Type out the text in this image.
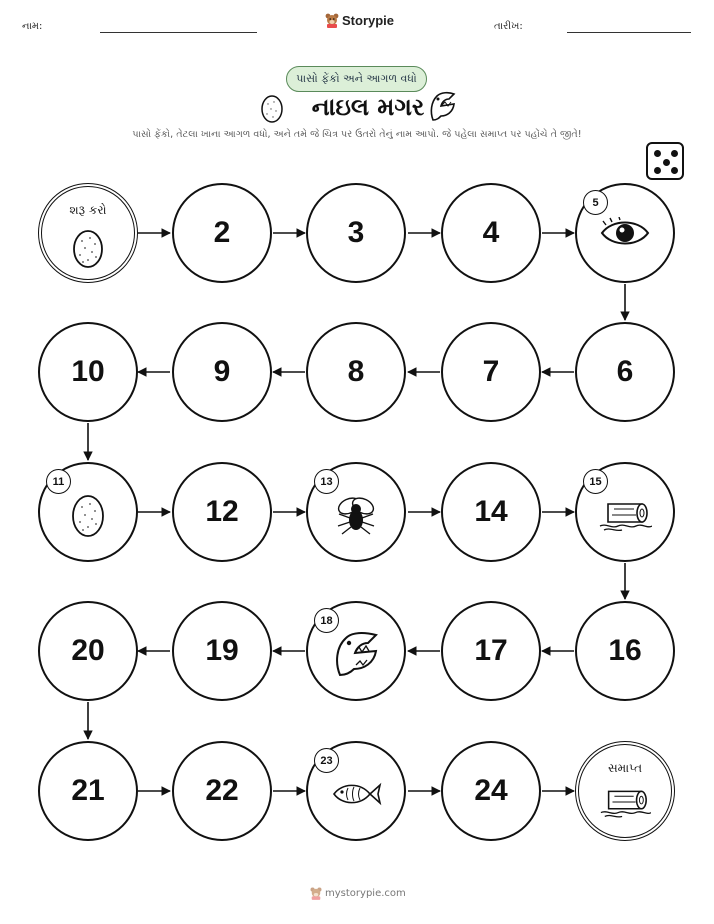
નામ:	Storypie	તારીખ:
પાસો ફેંકો અને આગળ વધો
નાઇલ મગર
પાસો ફેંકો, તેટલા ખાના આગળ વધો, અને તમે જે ચિત્ર પર ઉતરો તેનું નામ આપો. જે પહેલા સમાપ્ત પર પહોંચે તે જીતે!
શરૂ કરો
2	3	4
5
10	9	8	7	6
11
12
13
14
15
20	19
18
17	16
21	22
23
24
સમાપ્ત
mystorypie.com
